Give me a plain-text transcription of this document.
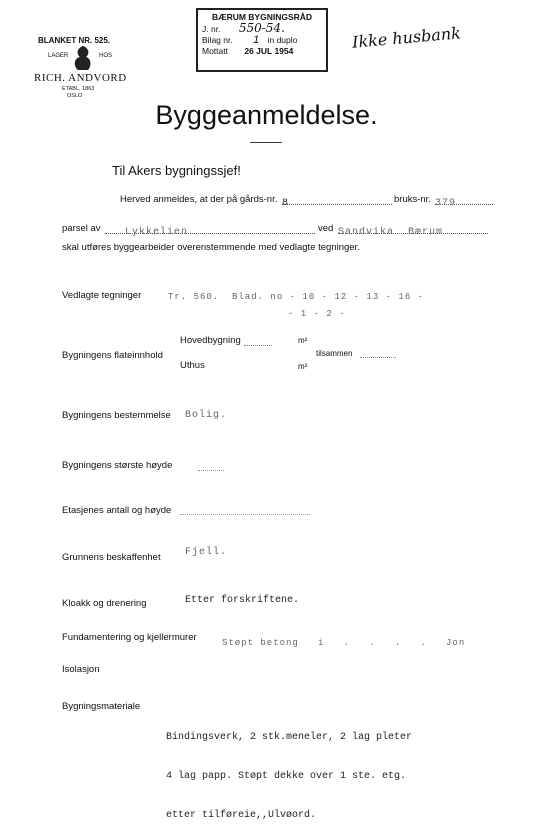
BLANKET NR. 525.
LAGER	HOS
RICH. ANDVORD
ETABL. 1863
OSLO
BÆRUM BYGNINGSRÅD
J. nr. 550-54.
Bilag nr. 1 in duplo
Mottatt 26 JUL 1954	Ikke husbank
Byggeanmeldelse.
Til Akers bygningssjef!
Herved anmeldes, at der på gårds-nr. 8	bruks-nr. 379
parsel av	Lykkelien	ved Sandvika  Bærum
skal utføres byggearbeider overenstemmende med vedlagte tegninger.
Vedlagte tegninger	Tr. 560.  Blad. no - 10 - 12 - 13 - 16 -
- 1 - 2 -
Bygningens flateinnhold
Hovedbygning	m²
Uthus	m²
tilsammen
Bygningens bestemmelse Bolig.
Bygningens største høyde
Etasjenes antall og høyde
Grunnens beskaffenhet Fjell.
Kloakk og drenering	Etter forskriftene.
Fundamentering og kjellermurer	Støpt betong   i   .   .   .   .   Jon
Isolasjon
Bygningsmateriale

Bindingsverk, 2 stk.meneler, 2 lag pleter

4 lag papp. Støpt dekke over 1 ste. etg.

etter tilføreie,,Ulvøord.
